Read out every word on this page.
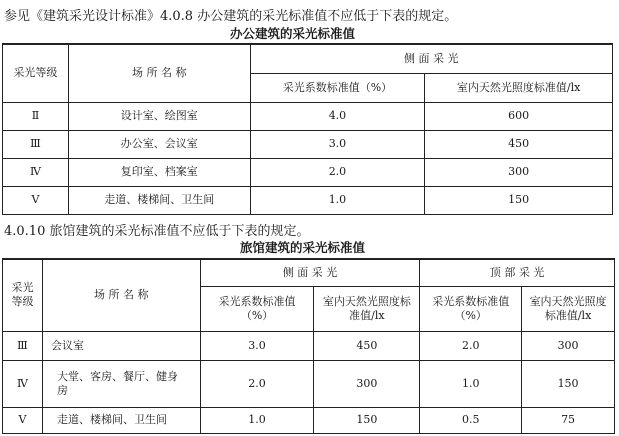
参见《建筑采光设计标准》4.0.8 办公建筑的采光标准值不应低于下表的规定。
办公建筑的采光标准值
采光等级	场 所 名 称	侧 面 采 光	
		采光系数标准值（%）	室内天然光照度标准值/lx
Ⅱ	设计室、绘图室	4.0	600
Ⅲ	办公室、会议室	3.0	450
Ⅳ	复印室、档案室	2.0	300
Ⅴ	走道、楼梯间、卫生间	1.0	150
4.0.10 旅馆建筑的采光标准值不应低于下表的规定。
旅馆建筑的采光标准值
采光等级	场 所 名 称	侧 面 采 光		顶 部 采 光	
		采光系数标准值（%）	室内天然光照度标准值/lx	采光系数标准值（%）	室内天然光照度标准值/lx
Ⅲ	会议室	3.0	450	2.0	300
Ⅳ	大堂、客房、餐厅、健身房	2.0	300	1.0	150
Ⅴ	走道、楼梯间、卫生间	1.0	150	0.5	75
